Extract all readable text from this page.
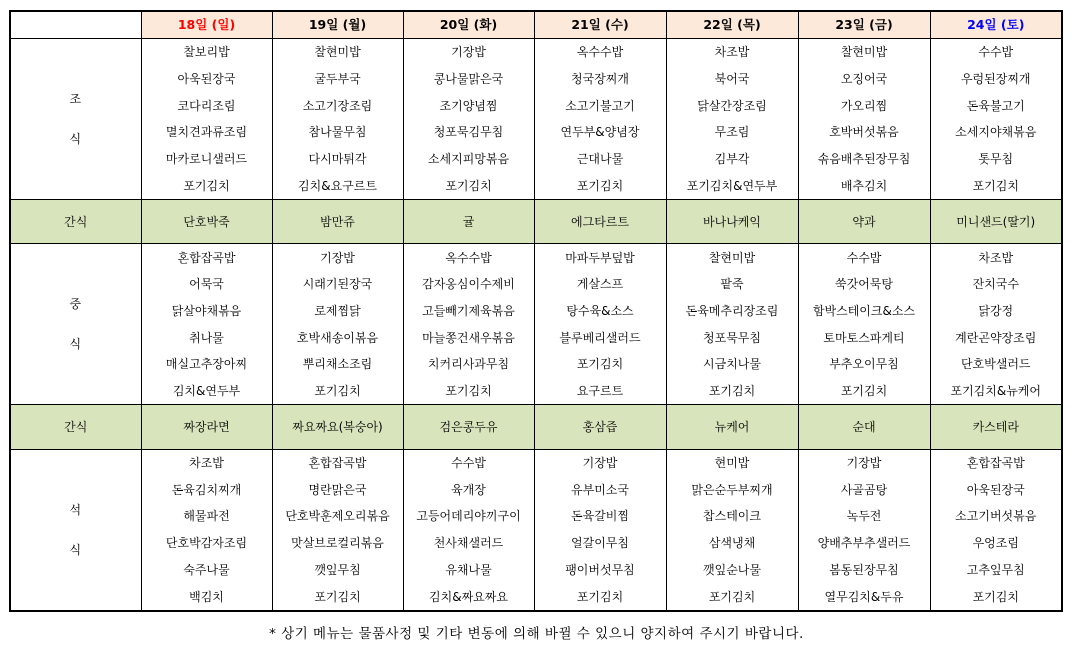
	18일 (일)	19일 (월)	20일 (화)	21일 (수)	22일 (목)	23일 (금)	24일 (토)

조
식	찰보리밥	찰현미밥	기장밥	옥수수밥	차조밥	찰현미밥	수수밥
	아욱된장국	굴두부국	콩나물맑은국	청국장찌개	북어국	오징어국	우렁된장찌개
	코다리조림	소고기장조림	조기양념찜	소고기불고기	닭살간장조림	가오리찜	돈육불고기
	멸치견과류조림	참나물무침	청포묵김무침	연두부&양념장	무조림	호박버섯볶음	소세지야채볶음
	마카로니샐러드	다시마튀각	소세지피망볶음	근대나물	김부각	솎음배추된장무침	톳무침
	포기김치	김치&요구르트	포기김치	포기김치	포기김치&연두부	배추김치	포기김치
간식	단호박죽	밤만쥬	귤	에그타르트	바나나케익	약과	미니샌드(딸기)

중
식	혼합잡곡밥	기장밥	옥수수밥	마파두부덮밥	찰현미밥	수수밥	차조밥
	어묵국	시래기된장국	감자옹심이수제비	게살스프	팥죽	쑥갓어묵탕	잔치국수
	닭살야채볶음	로제찜닭	고들빼기제육볶음	탕수육&소스	돈육메추리장조림	함박스테이크&소스	닭강정
	취나물	호박새송이볶음	마늘쫑건새우볶음	블루베리샐러드	청포묵무침	토마토스파게티	계란곤약장조림
	매실고추장아찌	뿌리채소조림	치커리사과무침	포기김치	시금치나물	부추오이무침	단호박샐러드
	김치&연두부	포기김치	포기김치	요구르트	포기김치	포기김치	포기김치&뉴케어
간식	짜장라면	짜요짜요(복숭아)	검은콩두유	홍삼즙	뉴케어	순대	카스테라

석
식	차조밥	혼합잡곡밥	수수밥	기장밥	현미밥	기장밥	혼합잡곡밥
	돈육김치찌개	명란맑은국	육개장	유부미소국	맑은순두부찌개	사골곰탕	아욱된장국
	해물파전	단호박훈제오리볶음	고등어데리야끼구이	돈육갈비찜	찹스테이크	녹두전	소고기버섯볶음
	단호박감자조림	맛살브로컬리볶음	천사채샐러드	얼갈이무침	삼색냉채	양배추부추샐러드	우엉조림
	숙주나물	깻잎무침	유채나물	팽이버섯무침	깻잎순나물	봄동된장무침	고추잎무침
	백김치	포기김치	김치&짜요짜요	포기김치	포기김치	열무김치&두유	포기김치
* 상기 메뉴는 물품사정 및 기타 변동에 의해 바뀔 수 있으니 양지하여 주시기 바랍니다.
